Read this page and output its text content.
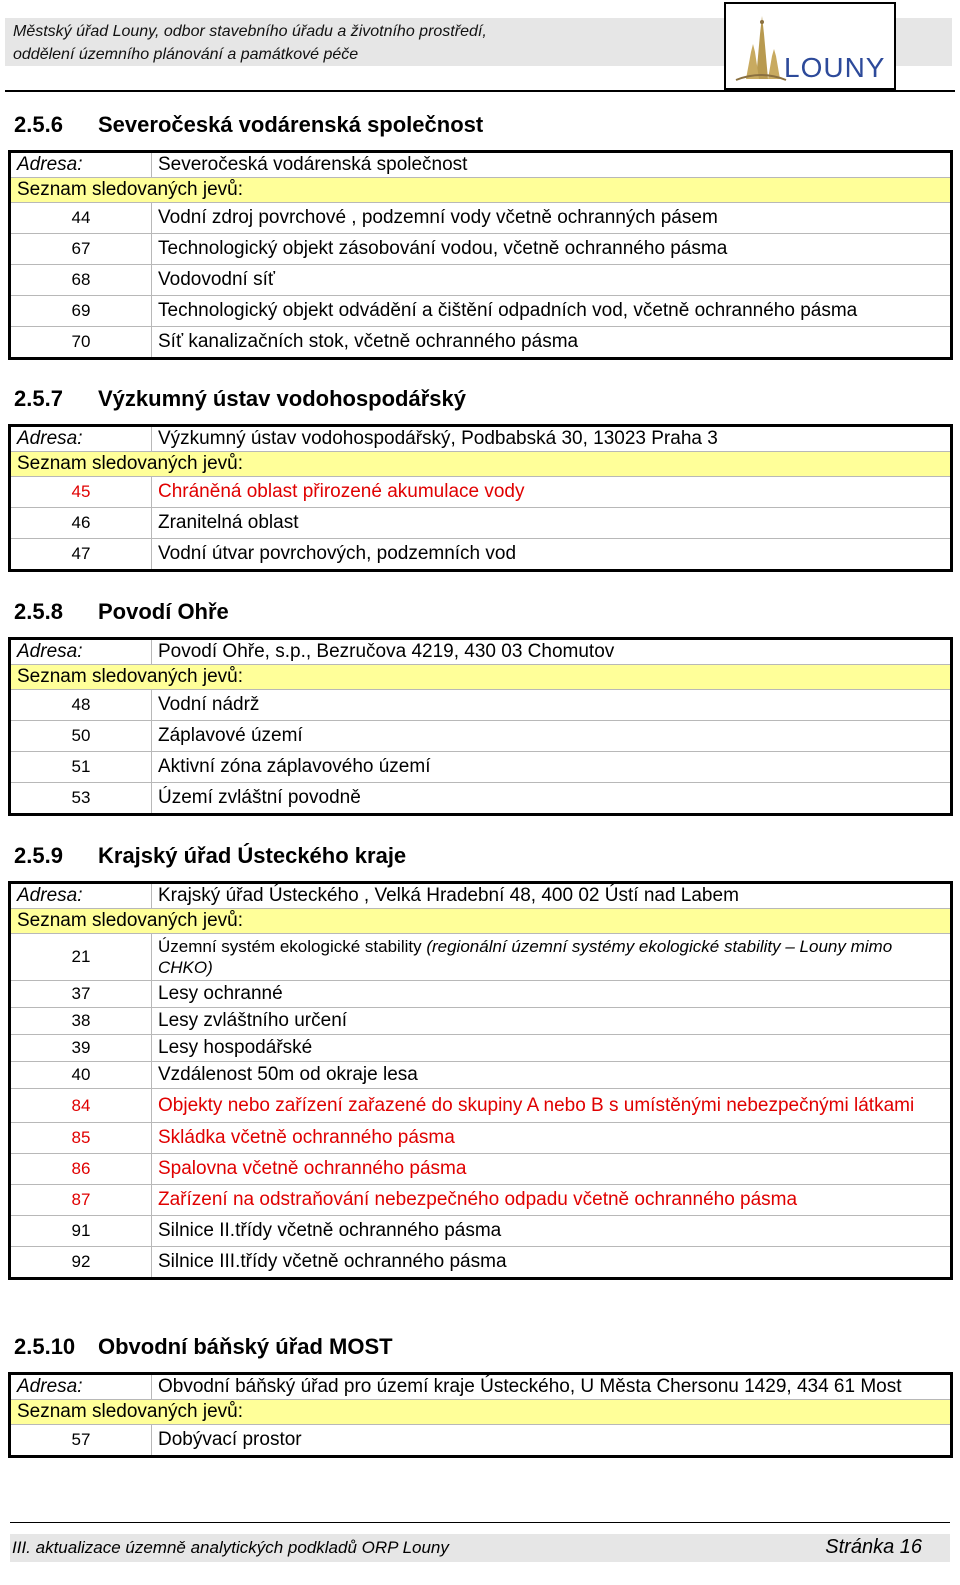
Městský úřad Louny, odbor stavebního úřadu a životního prostředí,
oddělení územního plánování a památkové péče	LOUNY
2.5.6	Severočeská vodárenská společnost
Adresa:	Severočeská vodárenská společnost
Seznam sledovaných jevů:	
44	Vodní zdroj povrchové , podzemní vody včetně ochranných pásem
67	Technologický objekt zásobování vodou, včetně ochranného pásma
68	Vodovodní síť
69	Technologický objekt odvádění a čištění odpadních vod, včetně ochranného pásma
70	Síť kanalizačních stok, včetně ochranného pásma
2.5.7	Výzkumný ústav vodohospodářský
Adresa:	Výzkumný ústav vodohospodářský, Podbabská 30, 13023 Praha 3
Seznam sledovaných jevů:	
45	Chráněná oblast přirozené akumulace vody
46	Zranitelná oblast
47	Vodní útvar povrchových, podzemních vod
2.5.8	Povodí Ohře
Adresa:	Povodí Ohře, s.p., Bezručova 4219, 430 03 Chomutov
Seznam sledovaných jevů:	
48	Vodní nádrž
50	Záplavové území
51	Aktivní zóna záplavového území
53	Území zvláštní povodně
2.5.9	Krajský úřad Ústeckého kraje
Adresa:	Krajský úřad Ústeckého , Velká Hradební 48, 400 02 Ústí nad Labem
Seznam sledovaných jevů:	
21	Územní systém ekologické stability (regionální územní systémy ekologické stability – Louny mimo CHKO)
37	Lesy ochranné
38	Lesy zvláštního určení
39	Lesy hospodářské
40	Vzdálenost 50m od okraje lesa
84	Objekty nebo zařízení zařazené do skupiny A nebo B s umístěnými nebezpečnými látkami
85	Skládka včetně ochranného pásma
86	Spalovna včetně ochranného pásma
87	Zařízení na odstraňování nebezpečného odpadu včetně ochranného pásma
91	Silnice II.třídy včetně ochranného pásma
92	Silnice III.třídy včetně ochranného pásma
2.5.10	Obvodní báňský úřad MOST
Adresa:	Obvodní báňský úřad pro území kraje Ústeckého, U Města Chersonu 1429, 434 61 Most
Seznam sledovaných jevů:	
57	Dobývací prostor
III. aktualizace územně analytických podkladů ORP Louny	Stránka 16
